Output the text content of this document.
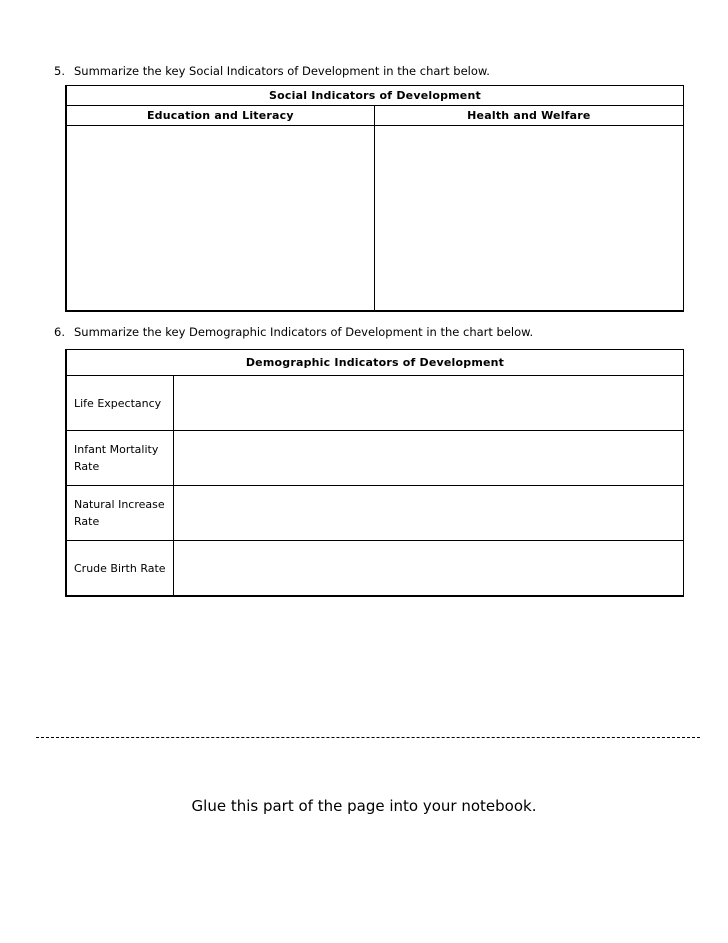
5. Summarize the key Social Indicators of Development in the chart below.
Social Indicators of Development	
Education and Literacy	Health and Welfare

6. Summarize the key Demographic Indicators of Development in the chart below.
Demographic Indicators of Development	
Life Expectancy	
Infant Mortality Rate	
Natural Increase Rate	
Crude Birth Rate	
Glue this part of the page into your notebook.
